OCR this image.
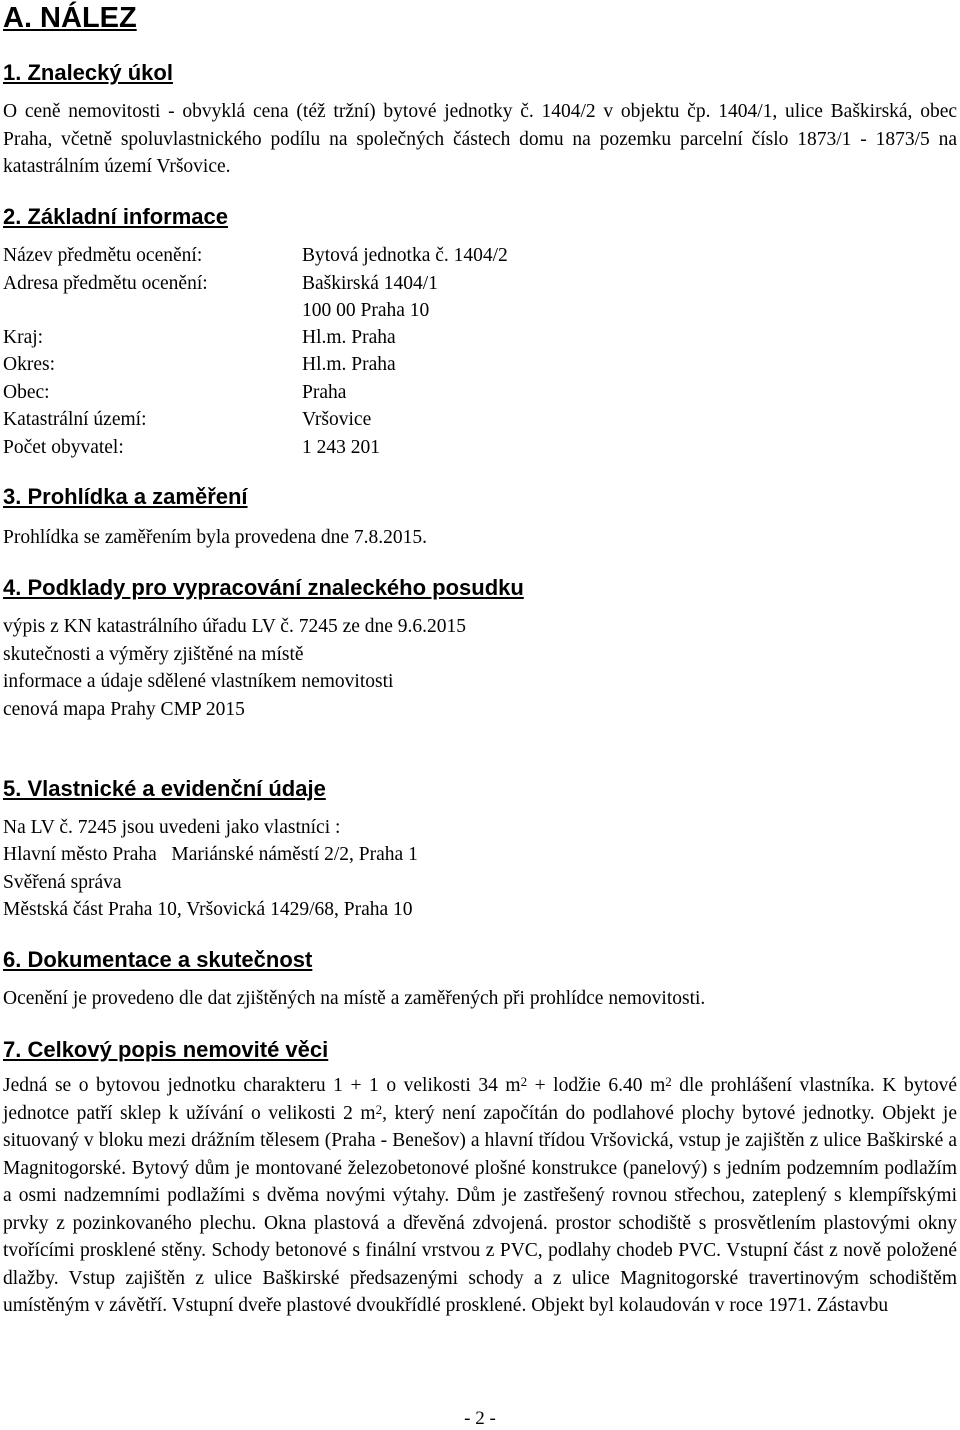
A. NÁLEZ
1. Znalecký úkol

O ceně nemovitosti - obvyklá cena (též tržní) bytové jednotky č. 1404/2 v objektu čp. 1404/1, ulice Baškirská, obec Praha, včetně spoluvlastnického podílu na společných částech domu na pozemku parcelní číslo 1873/1 - 1873/5 na katastrálním území Vršovice.

2. Základní informace
Název předmětu ocenění:	Bytová jednotka č. 1404/2
Adresa předmětu ocenění:	Baškirská 1404/1
100 00 Praha 10
Kraj:	Hl.m. Praha
Okres:	Hl.m. Praha
Obec:	Praha
Katastrální území:	Vršovice
Počet obyvatel:	1 243 201
3. Prohlídka a zaměření

Prohlídka se zaměřením byla provedena dne 7.8.2015.

4. Podklady pro vypracování znaleckého posudku

výpis z KN katastrálního úřadu LV č. 7245 ze dne 9.6.2015

skutečnosti a výměry zjištěné na místě

informace a údaje sdělené vlastníkem nemovitosti

cenová mapa Prahy CMP 2015

5. Vlastnické a evidenční údaje

Na LV č. 7245 jsou uvedeni jako vlastníci :

Hlavní město Praha   Mariánské náměstí 2/2, Praha 1

Svěřená správa

Městská část Praha 10, Vršovická 1429/68, Praha 10

6. Dokumentace a skutečnost

Ocenění je provedeno dle dat zjištěných na místě a zaměřených při prohlídce nemovitosti.

7. Celkový popis nemovité věci

Jedná se o bytovou jednotku charakteru 1 + 1 o velikosti 34 $m^2$ + lodžie 6.40 $m^2$ dle prohlášení vlastníka. K bytové jednotce patří sklep k užívání o velikosti 2 $m^2$, který není započítán do podlahové plochy bytové jednotky. Objekt je situovaný v bloku mezi drážním tělesem (Praha - Benešov) a hlavní třídou Vršovická, vstup je zajištěn z ulice Baškirské a Magnitogorské. Bytový dům je montované železobetonové plošné konstrukce (panelový) s jedním podzemním podlažím a osmi nadzemními podlažími s dvěma novými výtahy. Dům je zastřešený rovnou střechou, zateplený s klempířskými prvky z pozinkovaného plechu. Okna plastová a dřevěná zdvojená. prostor schodiště s prosvětlením plastovými okny tvořícími prosklené stěny. Schody betonové s finální vrstvou z PVC, podlahy chodeb PVC. Vstupní část z nově položené dlažby. Vstup zajištěn z ulice Baškirské předsazenými schody a z ulice Magnitogorské travertinovým schodištěm umístěným v závětří. Vstupní dveře plastové dvoukřídlé prosklené. Objekt byl kolaudován v roce 1971. Zástavbu

- 2 -
